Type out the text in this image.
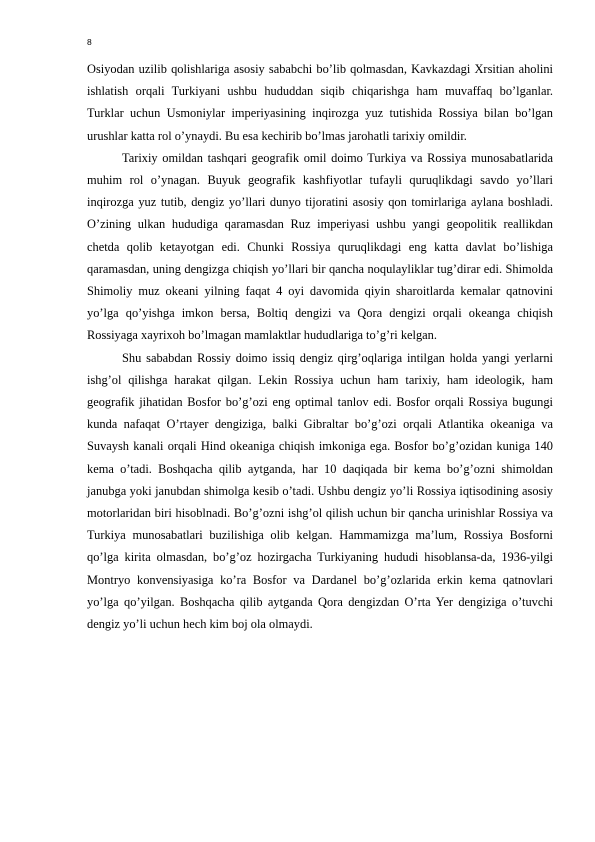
8

Osiyodan uzilib qolishlariga asosiy sababchi bo’lib qolmasdan, Kavkazdagi Xrsitian aholini ishlatish orqali Turkiyani ushbu hududdan siqib chiqarishga ham muvaffaq bo’lganlar. Turklar uchun Usmoniylar imperiyasining inqirozga yuz tutishida Rossiya bilan bo’lgan urushlar katta rol o’ynaydi. Bu esa kechirib bo’lmas jarohatli tarixiy omildir.

Tarixiy omildan tashqari geografik omil doimo Turkiya va Rossiya munosabatlarida muhim rol o’ynagan. Buyuk geografik kashfiyotlar tufayli quruqlikdagi savdo yo’llari inqirozga yuz tutib, dengiz yo’llari dunyo tijoratini asosiy qon tomirlariga aylana boshladi. O’zining ulkan hududiga qaramasdan Ruz imperiyasi ushbu yangi geopolitik reallikdan chetda qolib ketayotgan edi. Chunki Rossiya quruqlikdagi eng katta davlat bo’lishiga qaramasdan, uning dengizga chiqish yo’llari bir qancha noqulayliklar tug’dirar edi. Shimolda Shimoliy muz okeani yilning faqat 4 oyi davomida qiyin sharoitlarda kemalar qatnovini yo’lga qo’yishga imkon bersa, Boltiq dengizi va Qora dengizi orqali okeanga chiqish Rossiyaga xayrixoh bo’lmagan mamlaktlar hududlariga to’g’ri kelgan.

Shu sababdan Rossiy doimo issiq dengiz qirg’oqlariga intilgan holda yangi yerlarni ishg’ol qilishga harakat qilgan. Lekin Rossiya uchun ham tarixiy, ham ideologik, ham geografik jihatidan Bosfor bo’g’ozi eng optimal tanlov edi. Bosfor orqali Rossiya bugungi kunda nafaqat O’rtayer dengiziga, balki Gibraltar bo’g’ozi orqali Atlantika okeaniga va Suvaysh kanali orqali Hind okeaniga chiqish imkoniga ega. Bosfor bo’g’ozidan kuniga 140 kema o’tadi. Boshqacha qilib aytganda, har 10 daqiqada bir kema bo’g’ozni shimoldan janubga yoki janubdan shimolga kesib o’tadi. Ushbu dengiz yo’li Rossiya iqtisodining asosiy motorlaridan biri hisoblnadi. Bo’g’ozni ishg’ol qilish uchun bir qancha urinishlar Rossiya va Turkiya munosabatlari buzilishiga olib kelgan. Hammamizga ma’lum, Rossiya Bosforni qo’lga kirita olmasdan, bo’g’oz hozirgacha Turkiyaning hududi hisoblansa-da, 1936-yilgi Montryo konvensiyasiga ko’ra Bosfor va Dardanel bo’g’ozlarida erkin kema qatnovlari yo’lga qo’yilgan. Boshqacha qilib aytganda Qora dengizdan O’rta Yer dengiziga o’tuvchi dengiz yo’li uchun hech kim boj ola olmaydi.
